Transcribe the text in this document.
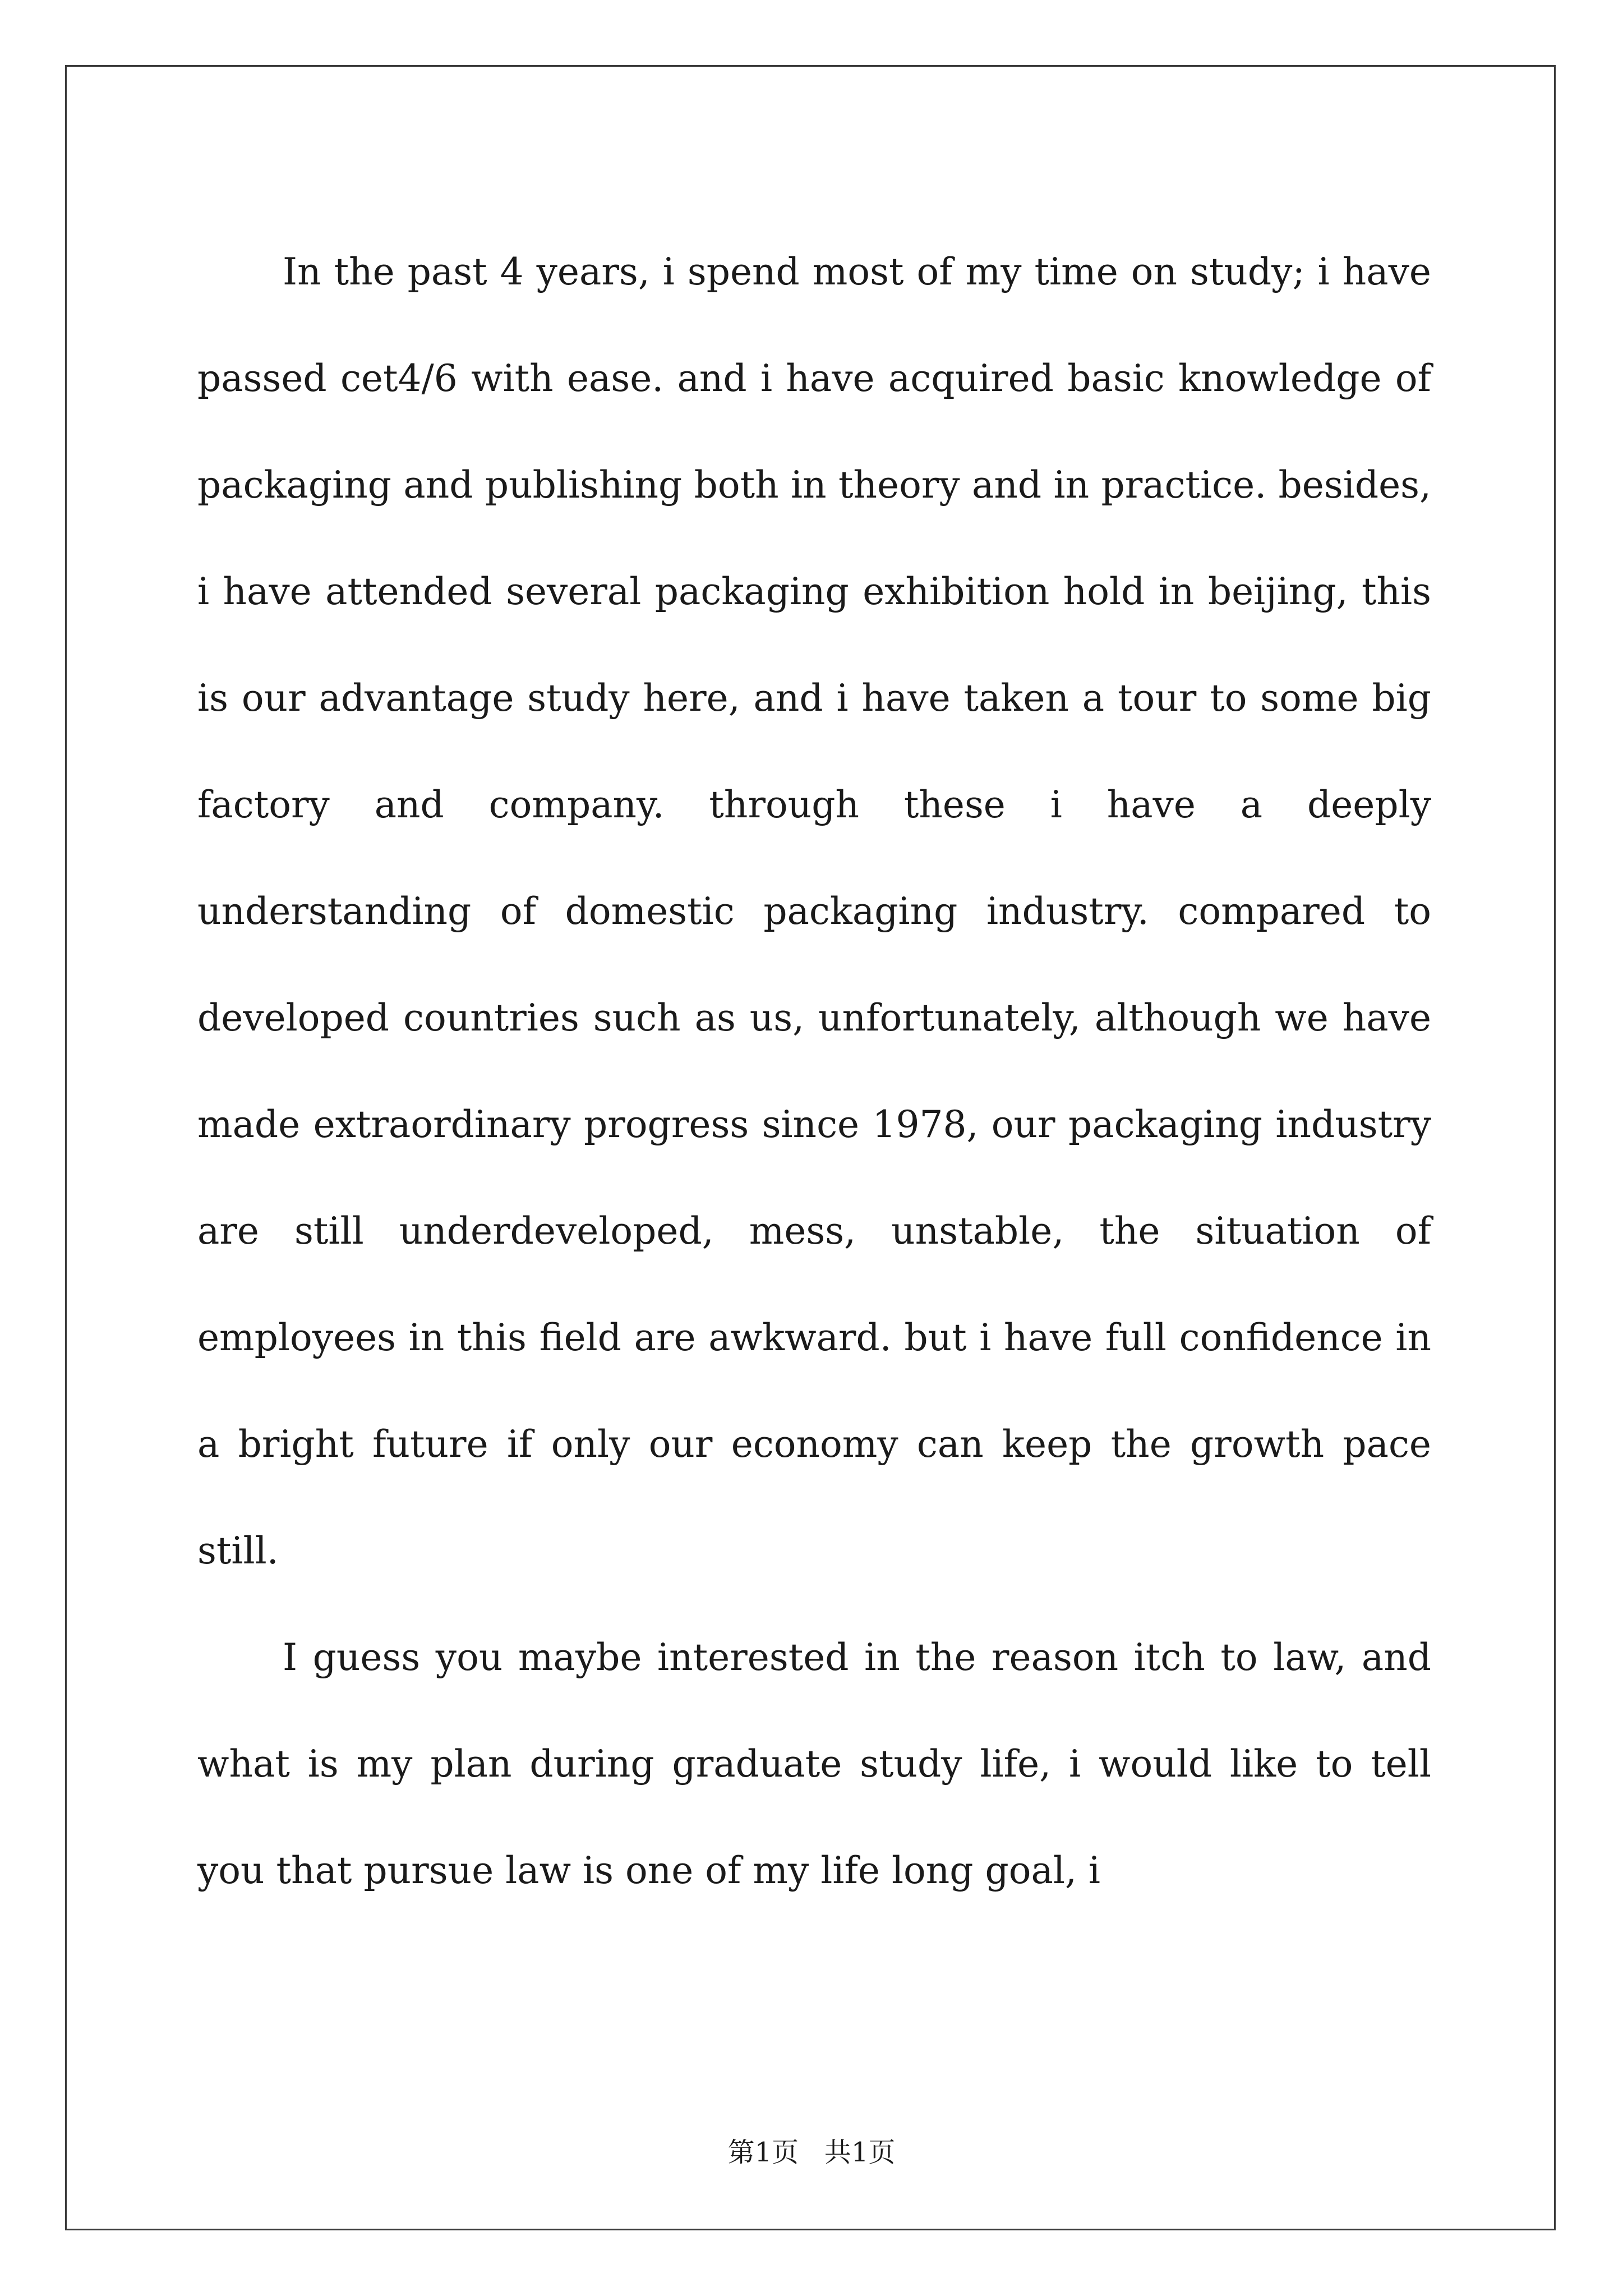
In the past 4 years, i spend most of my time on study; i have passed cet4/6 with ease. and i have acquired basic knowledge of packaging and publishing both in theory and in practice. besides, i have attended several packaging exhibition hold in beijing, this is our advantage study here, and i have taken a tour to some big factory and company. through these i have a deeply understanding of domestic packaging industry. compared to developed countries such as us, unfortunately, although we have made extraordinary progress since 1978, our packaging industry are still underdeveloped, mess, unstable, the situation of employees in this field are awkward. but i have full confidence in a bright future if only our economy can keep the growth pace still.

I guess you maybe interested in the reason itch to law, and what is my plan during graduate study life, i would like to tell you that pursue law is one of my life long goal, i

第1页   共1页
